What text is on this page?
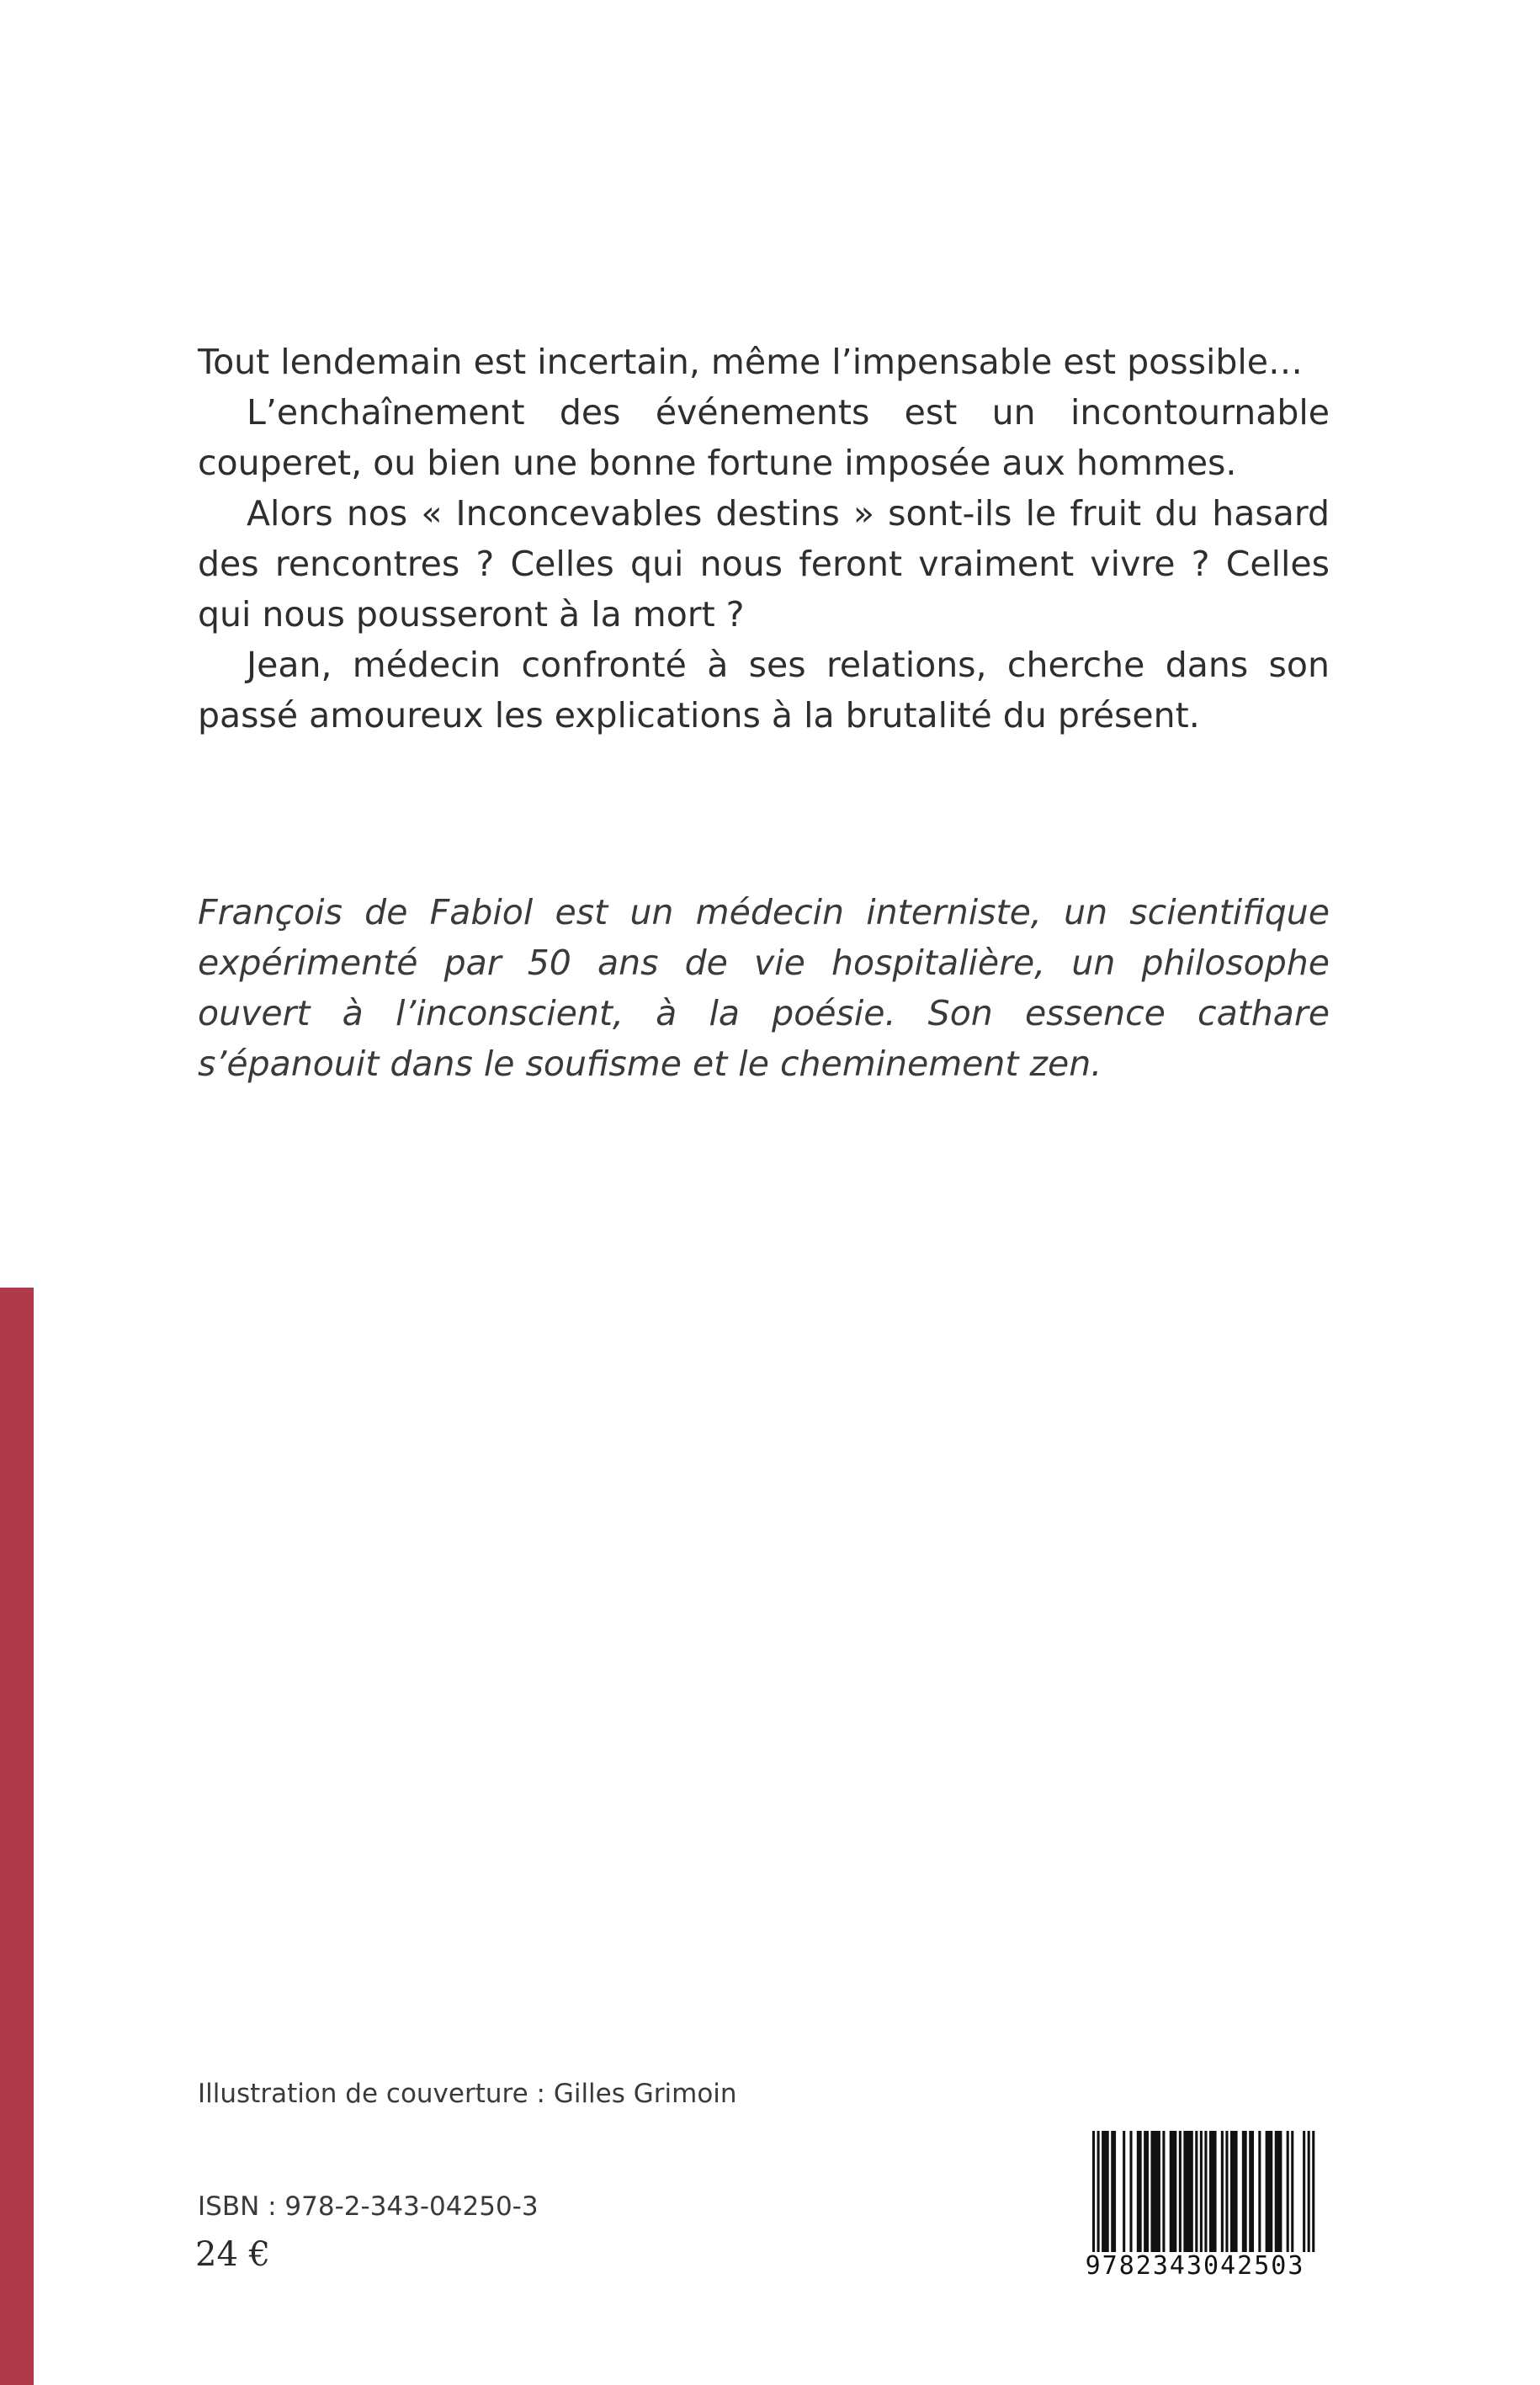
Tout lendemain est incertain, même l’impensable est possible…

L’enchaînement des événements est un incontournable couperet, ou bien une bonne fortune imposée aux hommes.

Alors nos « Inconcevables destins » sont-ils le fruit du hasard des rencontres ? Celles qui nous feront vraiment vivre ? Celles qui nous pousseront à la mort ?

Jean, médecin confronté à ses relations, cherche dans son passé amoureux les explications à la brutalité du présent.

François de Fabiol est un médecin interniste, un scientifique expérimenté par 50 ans de vie hospitalière, un philosophe ouvert à l’inconscient, à la poésie. Son essence cathare s’épanouit dans le soufisme et le cheminement zen.

Illustration de couverture : Gilles Grimoin
ISBN : 978-2-343-04250-3
24 €	9782343042503
